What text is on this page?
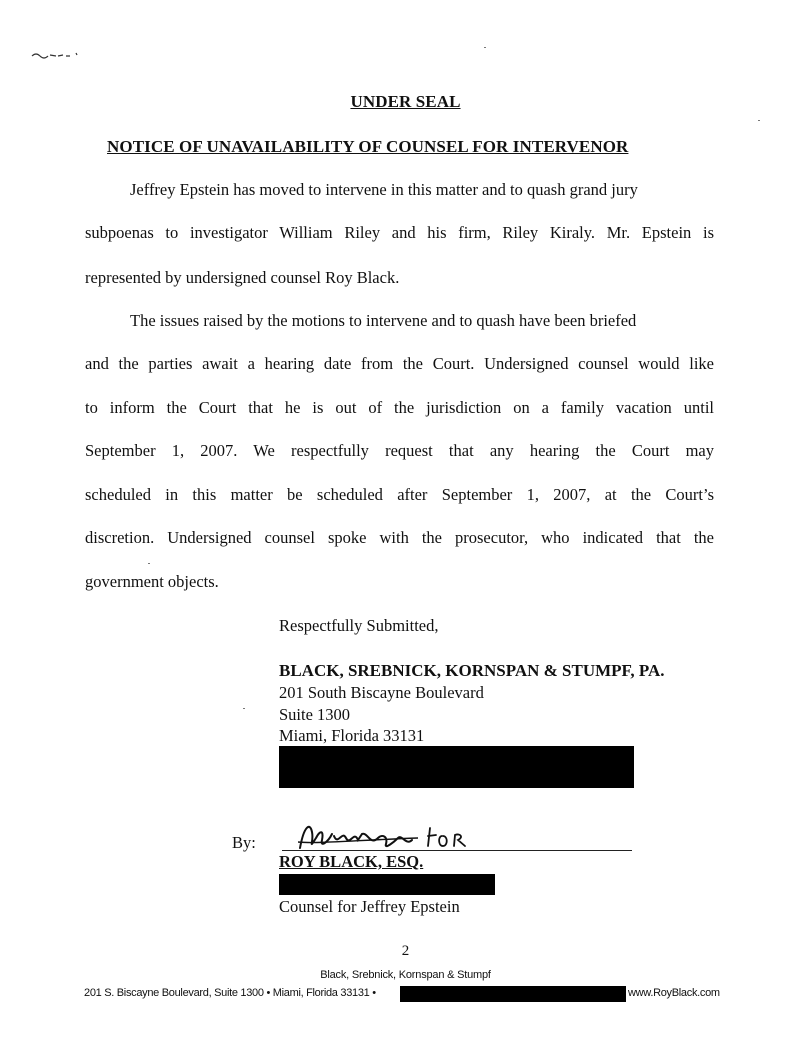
UNDER SEAL
NOTICE OF UNAVAILABILITY OF COUNSEL FOR INTERVENOR
Jeffrey Epstein has moved to intervene in this matter and to quash grand jury
subpoenas to investigator William Riley and his firm, Riley Kiraly. Mr. Epstein is
represented by undersigned counsel Roy Black.
The issues raised by the motions to intervene and to quash have been briefed
and the parties await a hearing date from the Court. Undersigned counsel would like
to inform the Court that he is out of the jurisdiction on a family vacation until
September 1, 2007. We respectfully request that any hearing the Court may
scheduled in this matter be scheduled after September 1, 2007, at the Court’s
discretion. Undersigned counsel spoke with the prosecutor, who indicated that the
government objects.
Respectfully Submitted,
BLACK, SREBNICK, KORNSPAN & STUMPF, PA.
201 South Biscayne Boulevard
Suite 1300
Miami, Florida 33131
By:
ROY BLACK, ESQ.
Counsel for Jeffrey Epstein
2
Black, Srebnick, Kornspan & Stumpf
201 S. Biscayne Boulevard, Suite 1300 • Miami, Florida 33131 •	www.RoyBlack.com
